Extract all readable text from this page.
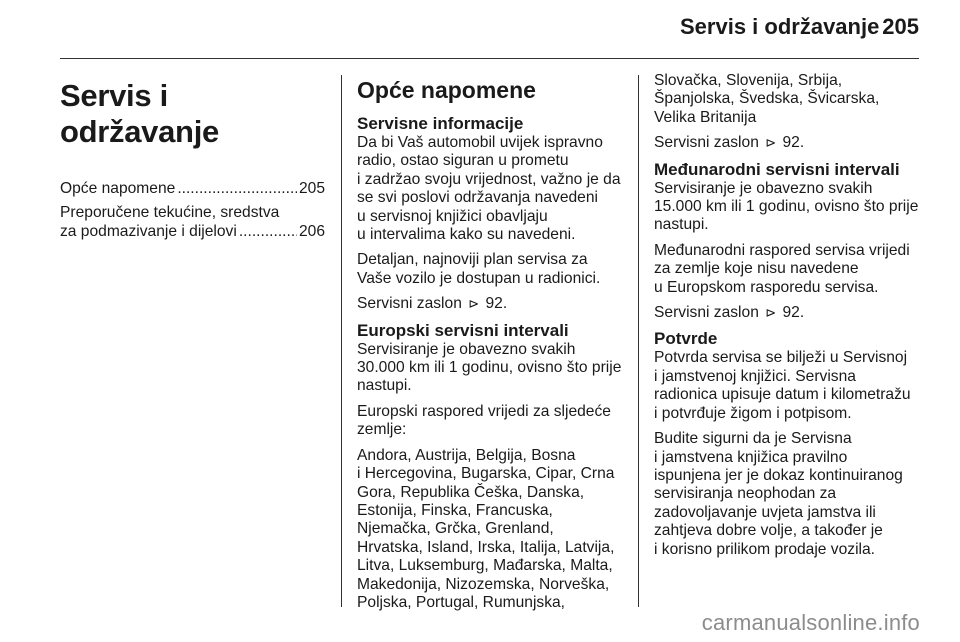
Servis i održavanje 205
Servis i održavanje
Opće napomene .....	205
Preporučene tekućine, sredstva
za podmazivanje i dijelovi .....	206
Opće napomene
Servisne informacije

Da bi Vaš automobil uvijek ispravno
radio, ostao siguran u prometu
i zadržao svoju vrijednost, važno je da
se svi poslovi održavanja navedeni
u servisnoj knjižici obavljaju
u intervalima kako su navedeni.

Detaljan, najnoviji plan servisa za
Vaše vozilo je dostupan u radionici.

Servisni zaslon ⊳ 92.

Europski servisni intervali

Servisiranje je obavezno svakih
30.000 km ili 1 godinu, ovisno što prije
nastupi.

Europski raspored vrijedi za sljedeće
zemlje:

Andora, Austrija, Belgija, Bosna
i Hercegovina, Bugarska, Cipar, Crna
Gora, Republika Češka, Danska,
Estonija, Finska, Francuska,
Njemačka, Grčka, Grenland,
Hrvatska, Island, Irska, Italija, Latvija,
Litva, Luksemburg, Mađarska, Malta,
Makedonija, Nizozemska, Norveška,
Poljska, Portugal, Rumunjska,

Slovačka, Slovenija, Srbija,
Španjolska, Švedska, Švicarska,
Velika Britanija

Servisni zaslon ⊳ 92.

Međunarodni servisni intervali

Servisiranje je obavezno svakih
15.000 km ili 1 godinu, ovisno što prije
nastupi.

Međunarodni raspored servisa vrijedi
za zemlje koje nisu navedene
u Europskom rasporedu servisa.

Servisni zaslon ⊳ 92.

Potvrde

Potvrda servisa se bilježi u Servisnoj
i jamstvenoj knjižici. Servisna
radionica upisuje datum i kilometražu
i potvrđuje žigom i potpisom.

Budite sigurni da je Servisna
i jamstvena knjižica pravilno
ispunjena jer je dokaz kontinuiranog
servisiranja neophodan za
zadovoljavanje uvjeta jamstva ili
zahtjeva dobre volje, a također je
i korisno prilikom prodaje vozila.

carmanualsonline.info
